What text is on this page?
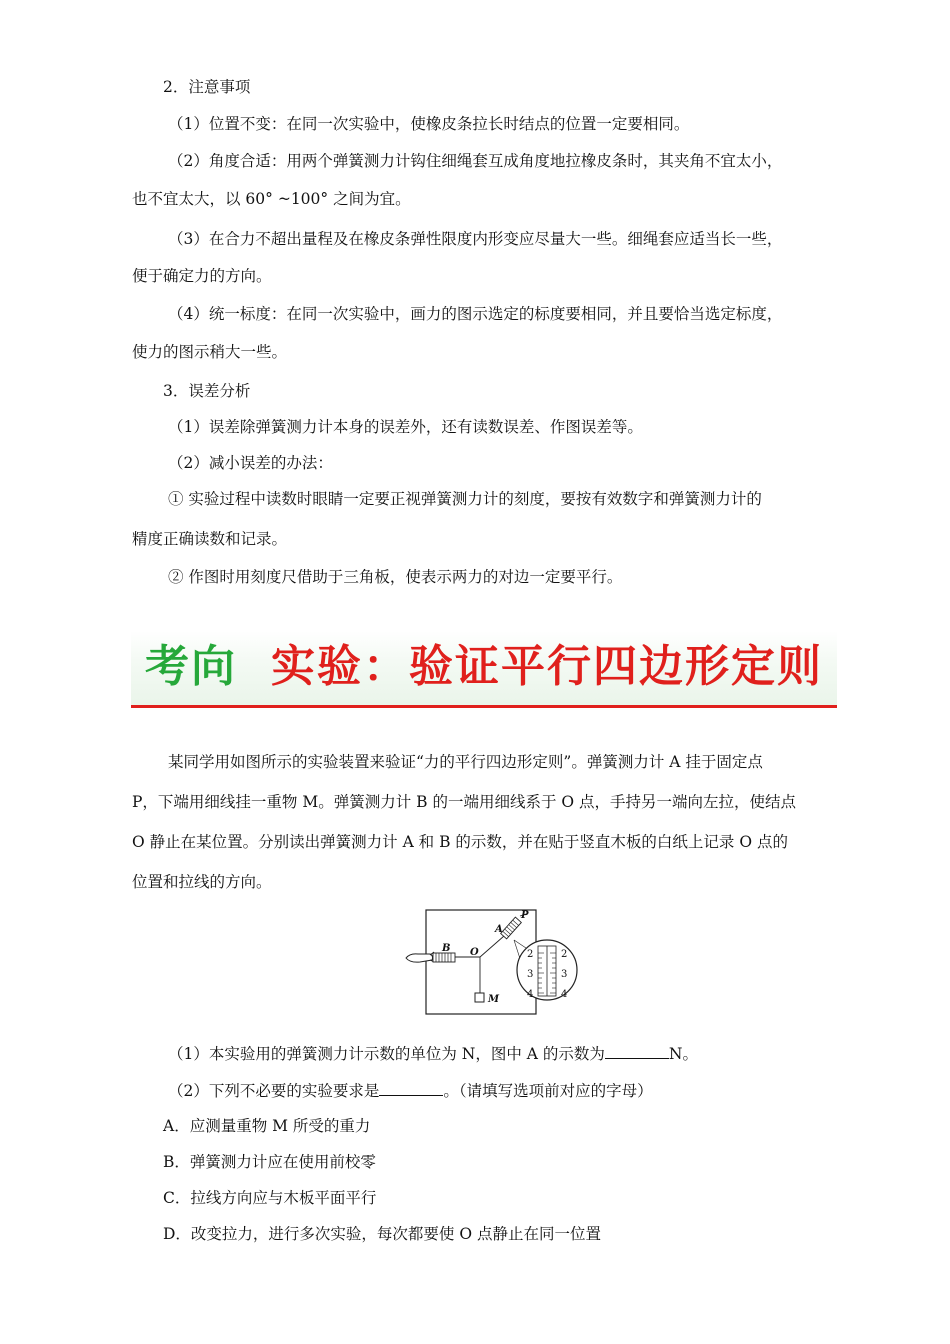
2．注意事项
（1）位置不变：在同一次实验中，使橡皮条拉长时结点的位置一定要相同。
（2）角度合适：用两个弹簧测力计钩住细绳套互成角度地拉橡皮条时，其夹角不宜太小，
也不宜太大，以 60° ~100° 之间为宜。
（3）在合力不超出量程及在橡皮条弹性限度内形变应尽量大一些。细绳套应适当长一些，
便于确定力的方向。
（4）统一标度：在同一次实验中，画力的图示选定的标度要相同，并且要恰当选定标度，
使力的图示稍大一些。
3．误差分析
（1）误差除弹簧测力计本身的误差外，还有读数误差、作图误差等。
（2）减小误差的办法：
① 实验过程中读数时眼睛一定要正视弹簧测力计的刻度，要按有效数字和弹簧测力计的
精度正确读数和记录。
② 作图时用刻度尺借助于三角板，使表示两力的对边一定要平行。
考向 实验：验证平行四边形定则
某同学用如图所示的实验装置来验证“力的平行四边形定则”。弹簧测力计 A 挂于固定点
P，下端用细线挂一重物 M。弹簧测力计 B 的一端用细线系于 O 点，手持另一端向左拉，使结点
O 静止在某位置。分别读出弹簧测力计 A 和 B 的示数，并在贴于竖直木板的白纸上记录 O 点的
位置和拉线的方向。
2
3
4
2
3
4
A
P
B O
M
（1）本实验用的弹簧测力计示数的单位为 N，图中 A 的示数为	N。
（2）下列不必要的实验要求是	。（请填写选项前对应的字母）
A．应测量重物 M 所受的重力
B．弹簧测力计应在使用前校零
C．拉线方向应与木板平面平行
D．改变拉力，进行多次实验，每次都要使 O 点静止在同一位置
